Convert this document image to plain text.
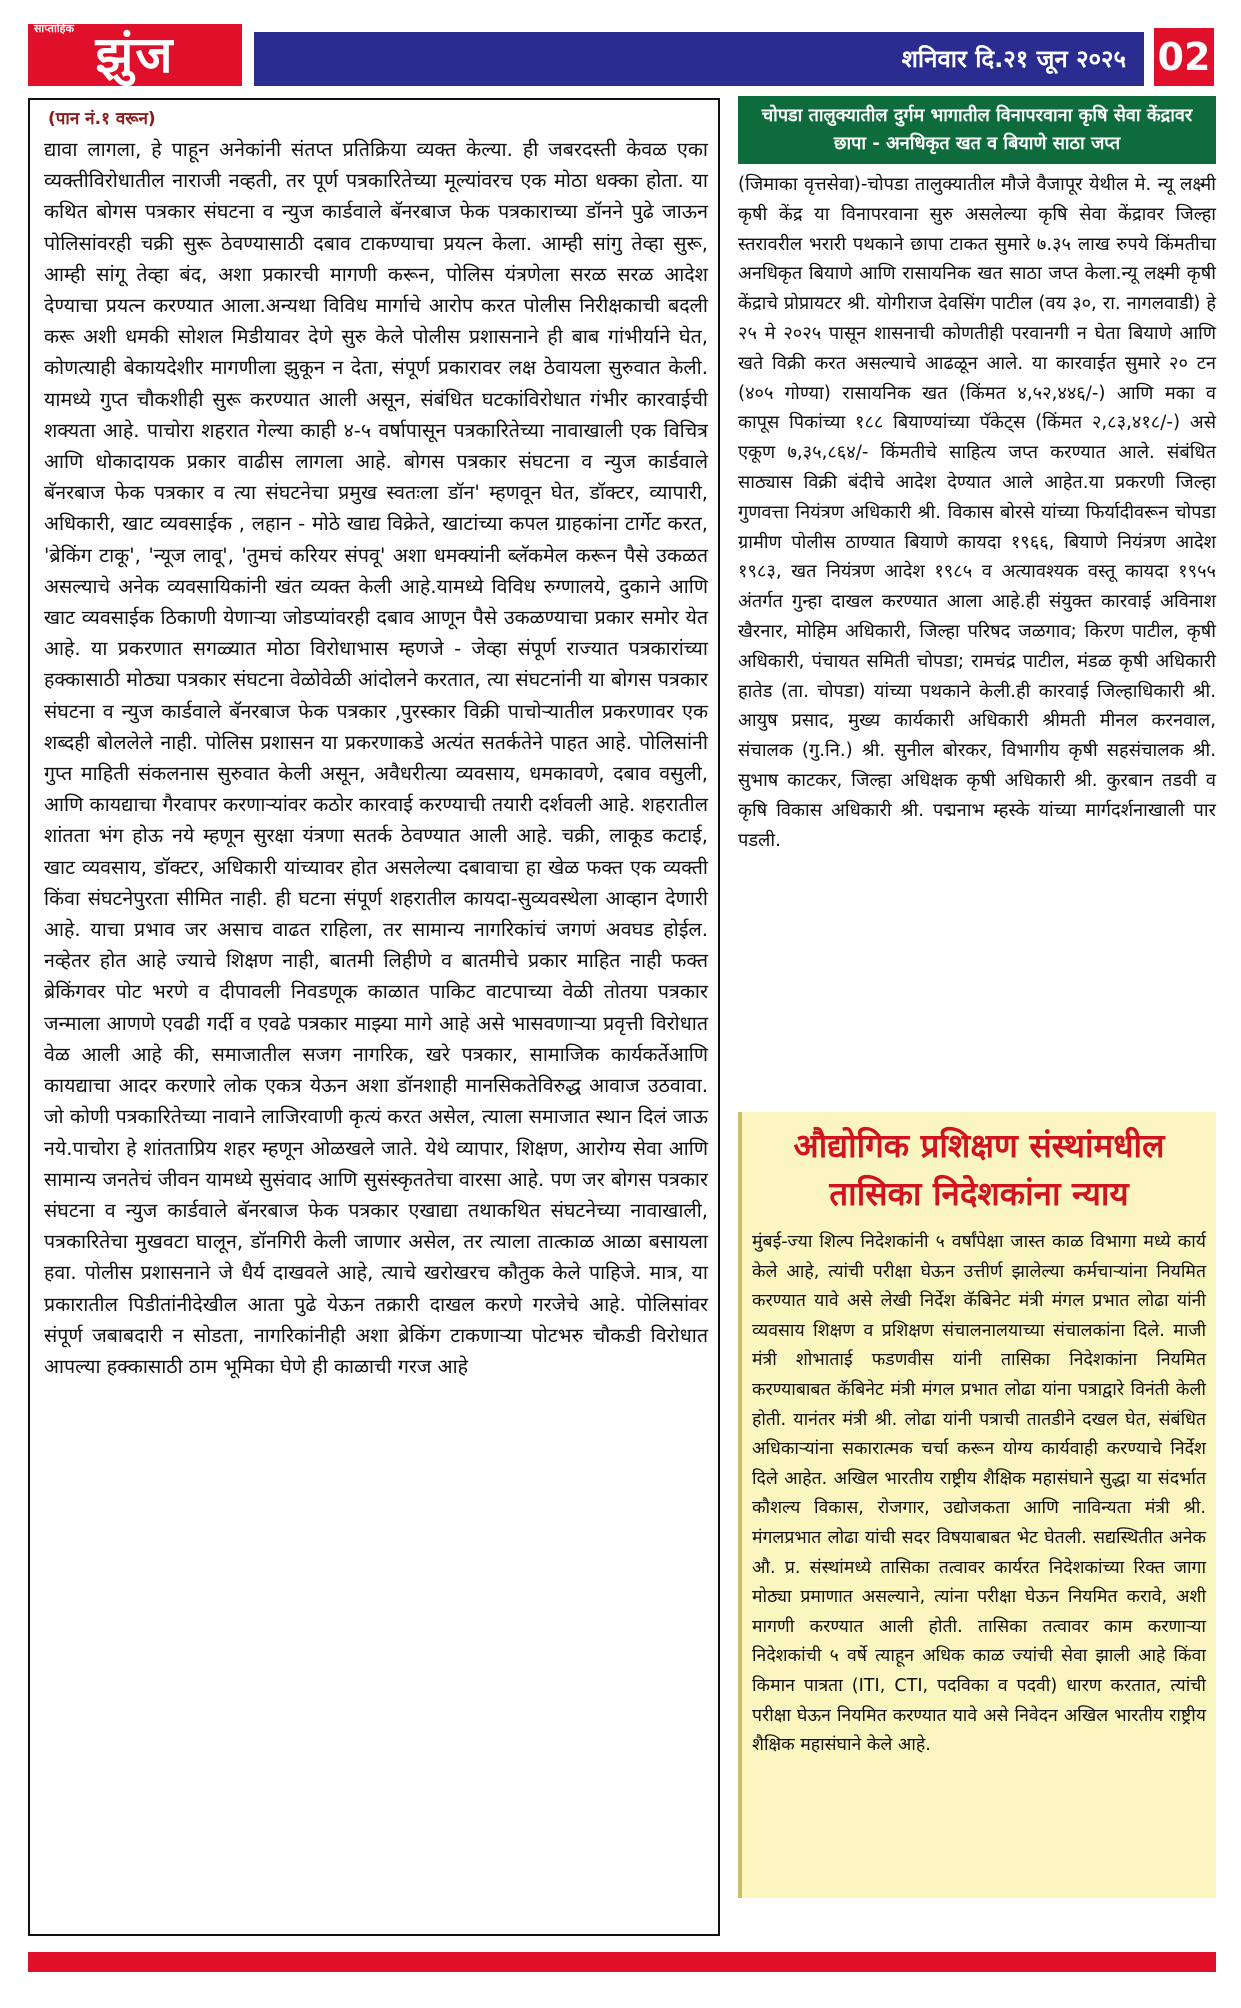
साप्ताहिक झुंज	शनिवार दि.२१ जून २०२५ 02
(पान नं.१ वरून)

द्यावा लागला, हे पाहून अनेकांनी संतप्त प्रतिक्रिया व्यक्त केल्या. ही जबरदस्ती केवळ एका व्यक्तीविरोधातील नाराजी नव्हती, तर पूर्ण पत्रकारितेच्या मूल्यांवरच एक मोठा धक्का होता. या कथित बोगस पत्रकार संघटना व न्युज कार्डवाले बॅनरबाज फेक पत्रकाराच्या डॉनने पुढे जाऊन पोलिसांवरही चक्री सुरू ठेवण्यासाठी दबाव टाकण्याचा प्रयत्न केला. आम्ही सांगु तेव्हा सुरू, आम्ही सांगू तेव्हा बंद, अशा प्रकारची मागणी करून, पोलिस यंत्रणेला सरळ सरळ आदेश देण्याचा प्रयत्न करण्यात आला.अन्यथा विविध मार्गाचे आरोप करत पोलीस निरीक्षकाची बदली करू अशी धमकी सोशल मिडीयावर देणे सुरु केले पोलीस प्रशासनाने ही बाब गांभीर्याने घेत, कोणत्याही बेकायदेशीर मागणीला झुकून न देता, संपूर्ण प्रकारावर लक्ष ठेवायला सुरुवात केली. यामध्ये गुप्त चौकशीही सुरू करण्यात आली असून, संबंधित घटकांविरोधात गंभीर कारवाईची शक्यता आहे. पाचोरा शहरात गेल्या काही ४-५ वर्षापासून पत्रकारितेच्या नावाखाली एक विचित्र आणि धोकादायक प्रकार वाढीस लागला आहे. बोगस पत्रकार संघटना व न्युज कार्डवाले बॅनरबाज फेक पत्रकार व त्या संघटनेचा प्रमुख स्वतःला डॉन' म्हणवून घेत, डॉक्टर, व्यापारी, अधिकारी, खाट व्यवसाईक , लहान - मोठे खाद्य विक्रेते, खाटांच्या कपल ग्राहकांना टार्गेट करत, 'ब्रेकिंग टाकू', 'न्यूज लावू', 'तुमचं करियर संपवू' अशा धमक्यांनी ब्लॅकमेल करून पैसे उकळत असल्याचे अनेक व्यवसायिकांनी खंत व्यक्त केली आहे.यामध्ये विविध रुग्णालये, दुकाने आणि खाट व्यवसाईक ठिकाणी येणाऱ्या जोडप्यांवरही दबाव आणून पैसे उकळण्याचा प्रकार समोर येत आहे. या प्रकरणात सगळ्यात मोठा विरोधाभास म्हणजे - जेव्हा संपूर्ण राज्यात पत्रकारांच्या हक्कासाठी मोठ्या पत्रकार संघटना वेळोवेळी आंदोलने करतात, त्या संघटनांनी या बोगस पत्रकार संघटना व न्युज कार्डवाले बॅनरबाज फेक पत्रकार ,पुरस्कार विक्री पाचोऱ्यातील प्रकरणावर एक शब्दही बोललेले नाही. पोलिस प्रशासन या प्रकरणाकडे अत्यंत सतर्कतेने पाहत आहे. पोलिसांनी गुप्त माहिती संकलनास सुरुवात केली असून, अवैधरीत्या व्यवसाय, धमकावणे, दबाव वसुली, आणि कायद्याचा गैरवापर करणाऱ्यांवर कठोर कारवाई करण्याची तयारी दर्शवली आहे. शहरातील शांतता भंग होऊ नये म्हणून सुरक्षा यंत्रणा सतर्क ठेवण्यात आली आहे. चक्री, लाकूड कटाई, खाट व्यवसाय, डॉक्टर, अधिकारी यांच्यावर होत असलेल्या दबावाचा हा खेळ फक्त एक व्यक्ती किंवा संघटनेपुरता सीमित नाही. ही घटना संपूर्ण शहरातील कायदा-सुव्यवस्थेला आव्हान देणारी आहे. याचा प्रभाव जर असाच वाढत राहिला, तर सामान्य नागरिकांचं जगणं अवघड होईल. नव्हेतर होत आहे ज्याचे शिक्षण नाही, बातमी लिहीणे व बातमीचे प्रकार माहित नाही फक्त ब्रेकिंगवर पोट भरणे व दीपावली निवडणूक काळात पाकिट वाटपाच्या वेळी तोतया पत्रकार जन्माला आणणे एवढी गर्दी व एवढे पत्रकार माझ्या मागे आहे असे भासवणाऱ्या प्रवृत्ती विरोधात वेळ आली आहे की, समाजातील सजग नागरिक, खरे पत्रकार, सामाजिक कार्यकर्तेआणि कायद्याचा आदर करणारे लोक एकत्र येऊन अशा डॉनशाही मानसिकतेविरुद्ध आवाज उठवावा. जो कोणी पत्रकारितेच्या नावाने लाजिरवाणी कृत्यं करत असेल, त्याला समाजात स्थान दिलं जाऊ नये.पाचोरा हे शांतताप्रिय शहर म्हणून ओळखले जाते. येथे व्यापार, शिक्षण, आरोग्य सेवा आणि सामान्य जनतेचं जीवन यामध्ये सुसंवाद आणि सुसंस्कृततेचा वारसा आहे. पण जर बोगस पत्रकार संघटना व न्युज कार्डवाले बॅनरबाज फेक पत्रकार एखाद्या तथाकथित संघटनेच्या नावाखाली, पत्रकारितेचा मुखवटा घालून, डॉनगिरी केली जाणार असेल, तर त्याला तात्काळ आळा बसायला हवा. पोलीस प्रशासनाने जे धैर्य दाखवले आहे, त्याचे खरोखरच कौतुक केले पाहिजे. मात्र, या प्रकारातील पिडीतांनीदेखील आता पुढे येऊन तक्रारी दाखल करणे गरजेचे आहे. पोलिसांवर संपूर्ण जबाबदारी न सोडता, नागरिकांनीही अशा ब्रेकिंग टाकणाऱ्या पोटभरु चौकडी विरोधात आपल्या हक्कासाठी ठाम भूमिका घेणे ही काळाची गरज आहे

चोपडा तालुक्यातील दुर्गम भागातील विनापरवाना कृषि सेवा केंद्रावर छापा - अनधिकृत खत व बियाणे साठा जप्त

(जिमाका वृत्तसेवा)-चोपडा तालुक्यातील मौजे वैजापूर येथील मे. न्यू लक्ष्मी कृषी केंद्र या विनापरवाना सुरु असलेल्या कृषि सेवा केंद्रावर जिल्हा स्तरावरील भरारी पथकाने छापा टाकत सुमारे ७.३५ लाख रुपये किंमतीचा अनधिकृत बियाणे आणि रासायनिक खत साठा जप्त केला.न्यू लक्ष्मी कृषी केंद्राचे प्रोप्रायटर श्री. योगीराज देवसिंग पाटील (वय ३०, रा. नागलवाडी) हे २५ मे २०२५ पासून शासनाची कोणतीही परवानगी न घेता बियाणे आणि खते विक्री करत असल्याचे आढळून आले. या कारवाईत सुमारे २० टन (४०५ गोण्या) रासायनिक खत (किंमत ४,५२,४४६/-) आणि मका व कापूस पिकांच्या १८८ बियाण्यांच्या पॅकेट्स (किंमत २,८३,४१८/-) असे एकूण ७,३५,८६४/- किंमतीचे साहित्य जप्त करण्यात आले. संबंधित साठ्यास विक्री बंदीचे आदेश देण्यात आले आहेत.या प्रकरणी जिल्हा गुणवत्ता नियंत्रण अधिकारी श्री. विकास बोरसे यांच्या फिर्यादीवरून चोपडा ग्रामीण पोलीस ठाण्यात बियाणे कायदा १९६६, बियाणे नियंत्रण आदेश १९८३, खत नियंत्रण आदेश १९८५ व अत्यावश्यक वस्तू कायदा १९५५ अंतर्गत गुन्हा दाखल करण्यात आला आहे.ही संयुक्त कारवाई अविनाश खैरनार, मोहिम अधिकारी, जिल्हा परिषद जळगाव; किरण पाटील, कृषी अधिकारी, पंचायत समिती चोपडा; रामचंद्र पाटील, मंडळ कृषी अधिकारी हातेड (ता. चोपडा) यांच्या पथकाने केली.ही कारवाई जिल्हाधिकारी श्री. आयुष प्रसाद, मुख्य कार्यकारी अधिकारी श्रीमती मीनल करनवाल, संचालक (गु.नि.) श्री. सुनील बोरकर, विभागीय कृषी सहसंचालक श्री. सुभाष काटकर, जिल्हा अधिक्षक कृषी अधिकारी श्री. कुरबान तडवी व कृषि विकास अधिकारी श्री. पद्मनाभ म्हस्के यांच्या मार्गदर्शनाखाली पार पडली.

औद्योगिक प्रशिक्षण संस्थांमधील
तासिका निदेशकांना न्याय

मुंबई-ज्या शिल्प निदेशकांनी ५ वर्षांपेक्षा जास्त काळ विभागा मध्ये कार्य केले आहे, त्यांची परीक्षा घेऊन उत्तीर्ण झालेल्या कर्मचाऱ्यांना नियमित करण्यात यावे असे लेखी निर्देश कॅबिनेट मंत्री मंगल प्रभात लोढा यांनी व्यवसाय शिक्षण व प्रशिक्षण संचालनालयाच्या संचालकांना दिले. माजी मंत्री शोभाताई फडणवीस यांनी तासिका निदेशकांना नियमित करण्याबाबत कॅबिनेट मंत्री मंगल प्रभात लोढा यांना पत्राद्वारे विनंती केली होती. यानंतर मंत्री श्री. लोढा यांनी पत्राची तातडीने दखल घेत, संबंधित अधिकाऱ्यांना सकारात्मक चर्चा करून योग्य कार्यवाही करण्याचे निर्देश दिले आहेत. अखिल भारतीय राष्ट्रीय शैक्षिक महासंघाने सुद्धा या संदर्भात कौशल्य विकास, रोजगार, उद्योजकता आणि नाविन्यता मंत्री श्री. मंगलप्रभात लोढा यांची सदर विषयाबाबत भेट घेतली. सद्यस्थितीत अनेक औ. प्र. संस्थांमध्ये तासिका तत्वावर कार्यरत निदेशकांच्या रिक्त जागा मोठ्या प्रमाणात असल्याने, त्यांना परीक्षा घेऊन नियमित करावे, अशी मागणी करण्यात आली होती. तासिका तत्वावर काम करणाऱ्या निदेशकांची ५ वर्षे त्याहून अधिक काळ ज्यांची सेवा झाली आहे किंवा किमान पात्रता (ITI, CTI, पदविका व पदवी) धारण करतात, त्यांची परीक्षा घेऊन नियमित करण्यात यावे असे निवेदन अखिल भारतीय राष्ट्रीय शैक्षिक महासंघाने केले आहे.
